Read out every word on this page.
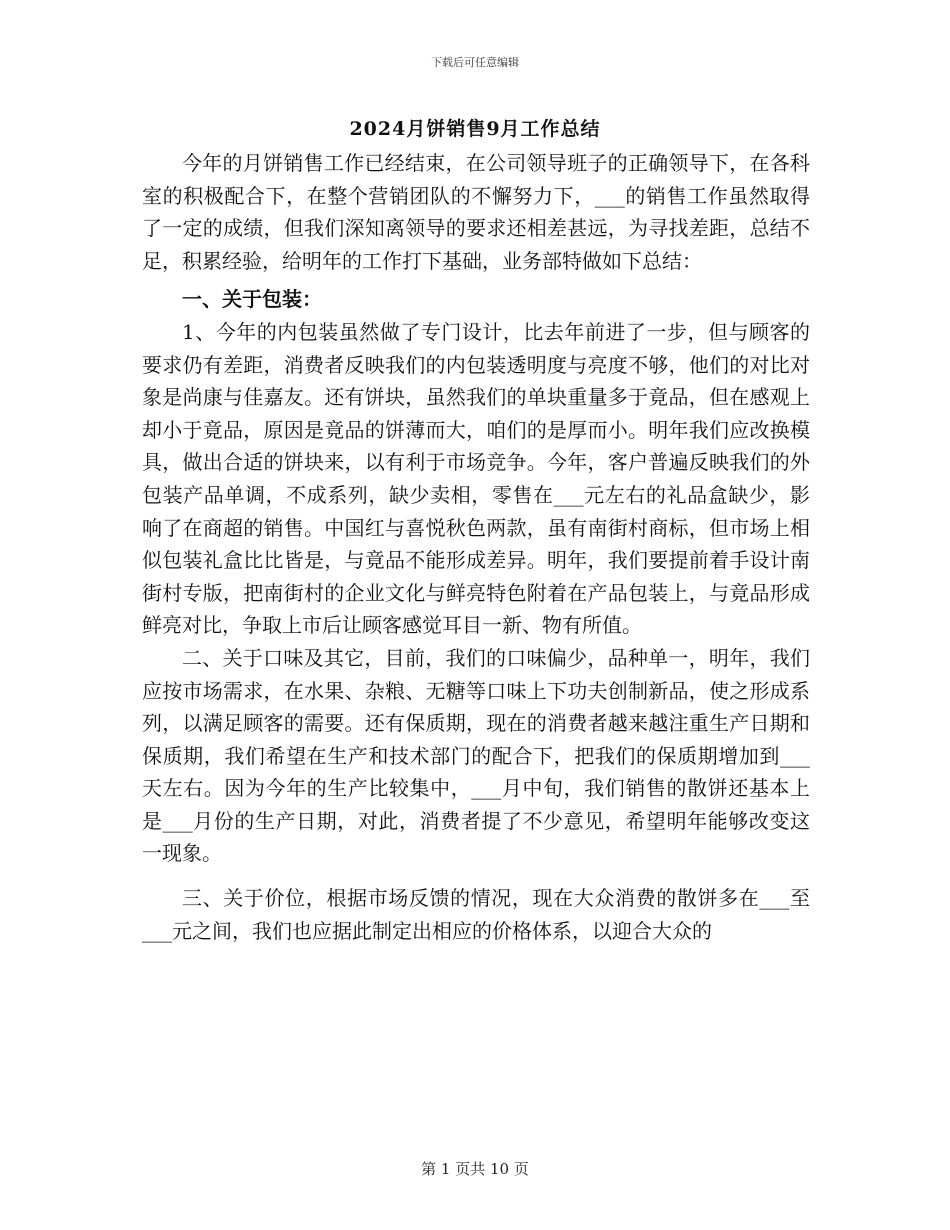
下载后可任意编辑
2024月饼销售9月工作总结

今年的月饼销售工作已经结束，在公司领导班子的正确领导下，在各科室的积极配合下，在整个营销团队的不懈努力下，___的销售工作虽然取得了一定的成绩，但我们深知离领导的要求还相差甚远，为寻找差距，总结不足，积累经验，给明年的工作打下基础，业务部特做如下总结：

一、关于包装：

1、今年的内包装虽然做了专门设计，比去年前进了一步，但与顾客的要求仍有差距，消费者反映我们的内包装透明度与亮度不够，他们的对比对象是尚康与佳嘉友。还有饼块，虽然我们的单块重量多于竟品，但在感观上却小于竟品，原因是竟品的饼薄而大，咱们的是厚而小。明年我们应改换模具，做出合适的饼块来，以有利于市场竞争。今年，客户普遍反映我们的外包装产品单调，不成系列，缺少卖相，零售在___元左右的礼品盒缺少，影响了在商超的销售。中国红与喜悦秋色两款，虽有南街村商标，但市场上相似包装礼盒比比皆是，与竟品不能形成差异。明年，我们要提前着手设计南街村专版，把南街村的企业文化与鲜亮特色附着在产品包装上，与竟品形成鲜亮对比，争取上市后让顾客感觉耳目一新、物有所值。

二、关于口味及其它，目前，我们的口味偏少，品种单一，明年，我们应按市场需求，在水果、杂粮、无糖等口味上下功夫创制新品，使之形成系列，以满足顾客的需要。还有保质期，现在的消费者越来越注重生产日期和保质期，我们希望在生产和技术部门的配合下，把我们的保质期增加到___天左右。因为今年的生产比较集中，___月中旬，我们销售的散饼还基本上是___月份的生产日期，对此，消费者提了不少意见，希望明年能够改变这一现象。

三、关于价位，根据市场反馈的情况，现在大众消费的散饼多在___至___元之间，我们也应据此制定出相应的价格体系，以迎合大众的

第 1 页共 10 页
